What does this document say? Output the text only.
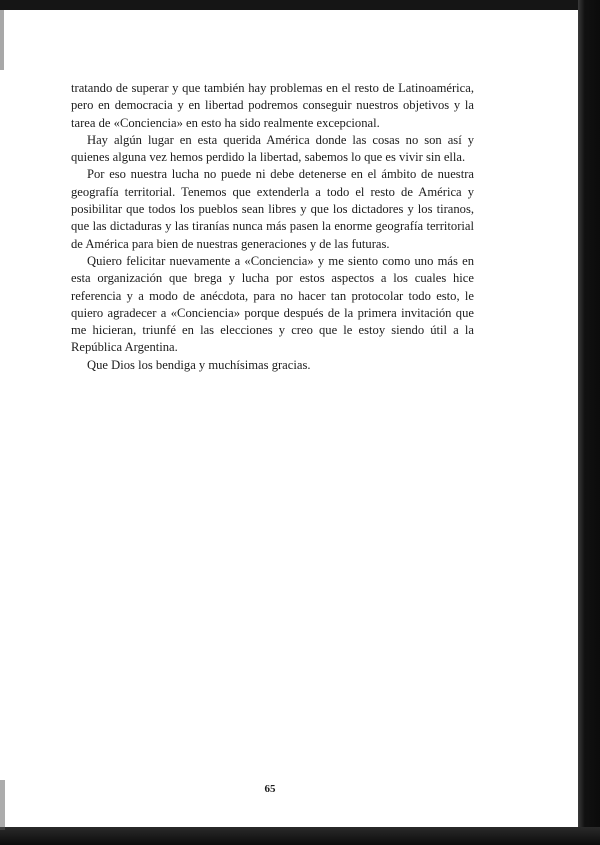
tratando de superar y que también hay problemas en el resto de Latinoamérica, pero en democracia y en libertad podremos conseguir nuestros objetivos y la tarea de «Conciencia» en esto ha sido realmente excepcional.

Hay algún lugar en esta querida América donde las cosas no son así y quienes alguna vez hemos perdido la libertad, sabemos lo que es vivir sin ella.

Por eso nuestra lucha no puede ni debe detenerse en el ámbito de nuestra geografía territorial. Tenemos que extenderla a todo el resto de América y posibilitar que todos los pueblos sean libres y que los dictadores y los tiranos, que las dictaduras y las tiranías nunca más pasen la enorme geografía territorial de América para bien de nuestras generaciones y de las futuras.

Quiero felicitar nuevamente a «Conciencia» y me siento como uno más en esta organización que brega y lucha por estos aspectos a los cuales hice referencia y a modo de anécdota, para no hacer tan protocolar todo esto, le quiero agradecer a «Conciencia» porque después de la primera invitación que me hicieran, triunfé en las elecciones y creo que le estoy siendo útil a la República Argentina.

Que Dios los bendiga y muchísimas gracias.

65
